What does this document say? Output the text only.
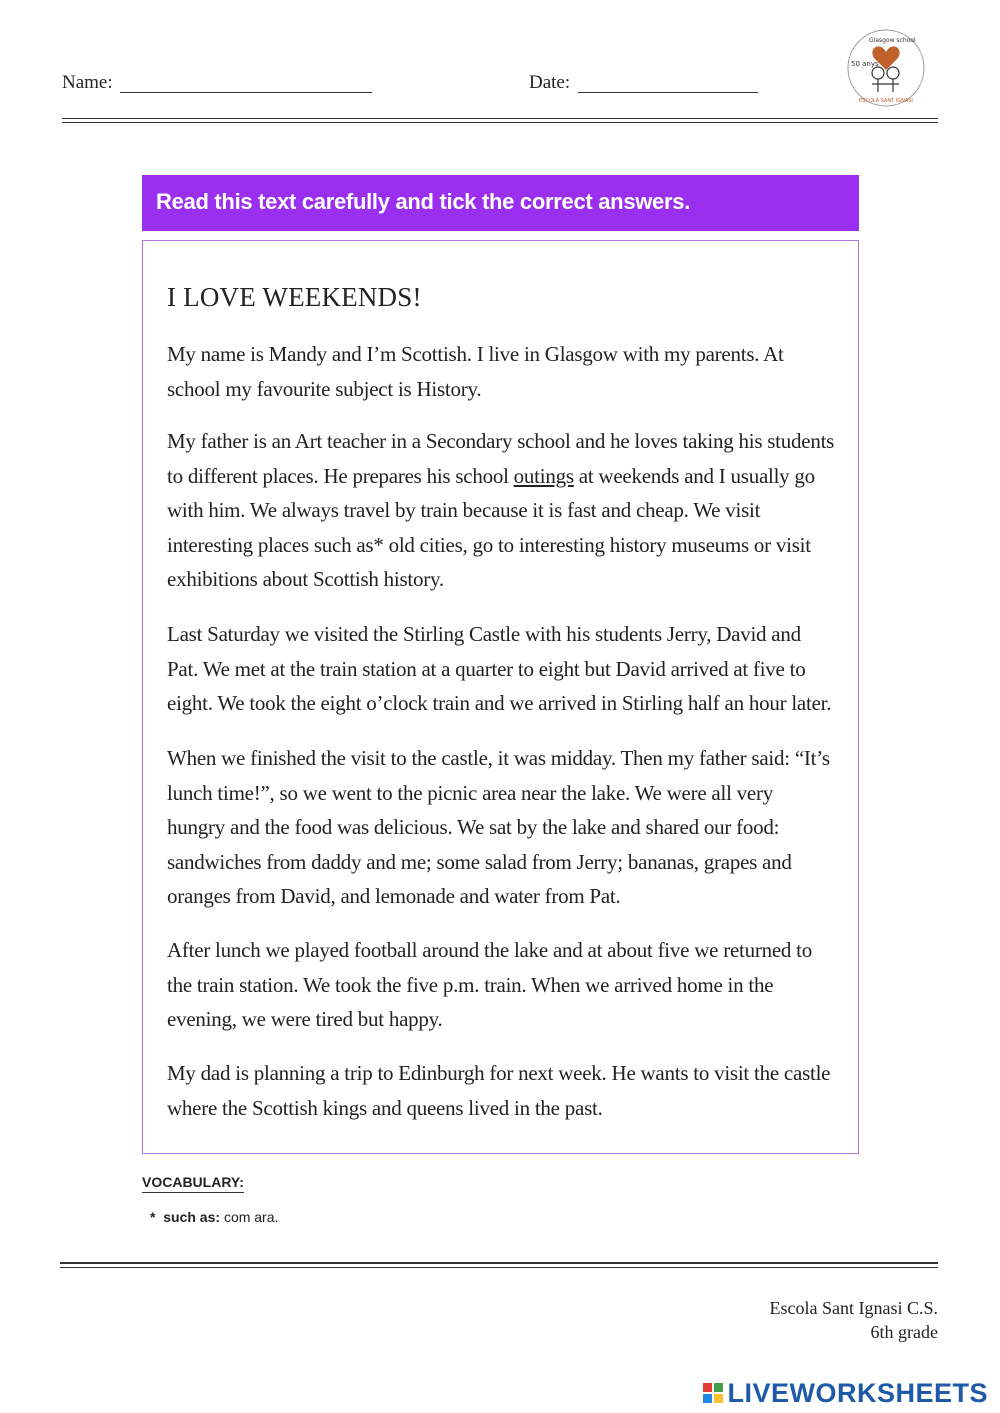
Name:	Date:
50 anys
Glasgow school
ESCOLA SANT IGNASI
Read this text carefully and tick the correct answers.
I LOVE WEEKENDS!

My name is Mandy and I’m Scottish. I live in Glasgow with my parents. At school my favourite subject is History.

My father is an Art teacher in a Secondary school and he loves taking his students to different places. He prepares his school outings at weekends and I usually go with him. We always travel by train because it is fast and cheap. We visit interesting places such as* old cities, go to interesting history museums or visit exhibitions about Scottish history.

Last Saturday we visited the Stirling Castle with his students Jerry, David and Pat. We met at the train station at a quarter to eight but David arrived at five to eight. We took the eight o’clock train and we arrived in Stirling half an hour later.

When we finished the visit to the castle, it was midday. Then my father said: “It’s lunch time!”, so we went to the picnic area near the lake. We were all very hungry and the food was delicious. We sat by the lake and shared our food: sandwiches from daddy and me; some salad from Jerry; bananas, grapes and oranges from David, and lemonade and water from Pat.

After lunch we played football around the lake and at about five we returned to the train station. We took the five p.m. train. When we arrived home in the evening, we were tired but happy.

My dad is planning a trip to Edinburgh for next week. He wants to visit the castle where the Scottish kings and queens lived in the past.

VOCABULARY:
* such as: com ara.
Escola Sant Ignasi C.S.
6th grade
LIVEWORKSHEETS
